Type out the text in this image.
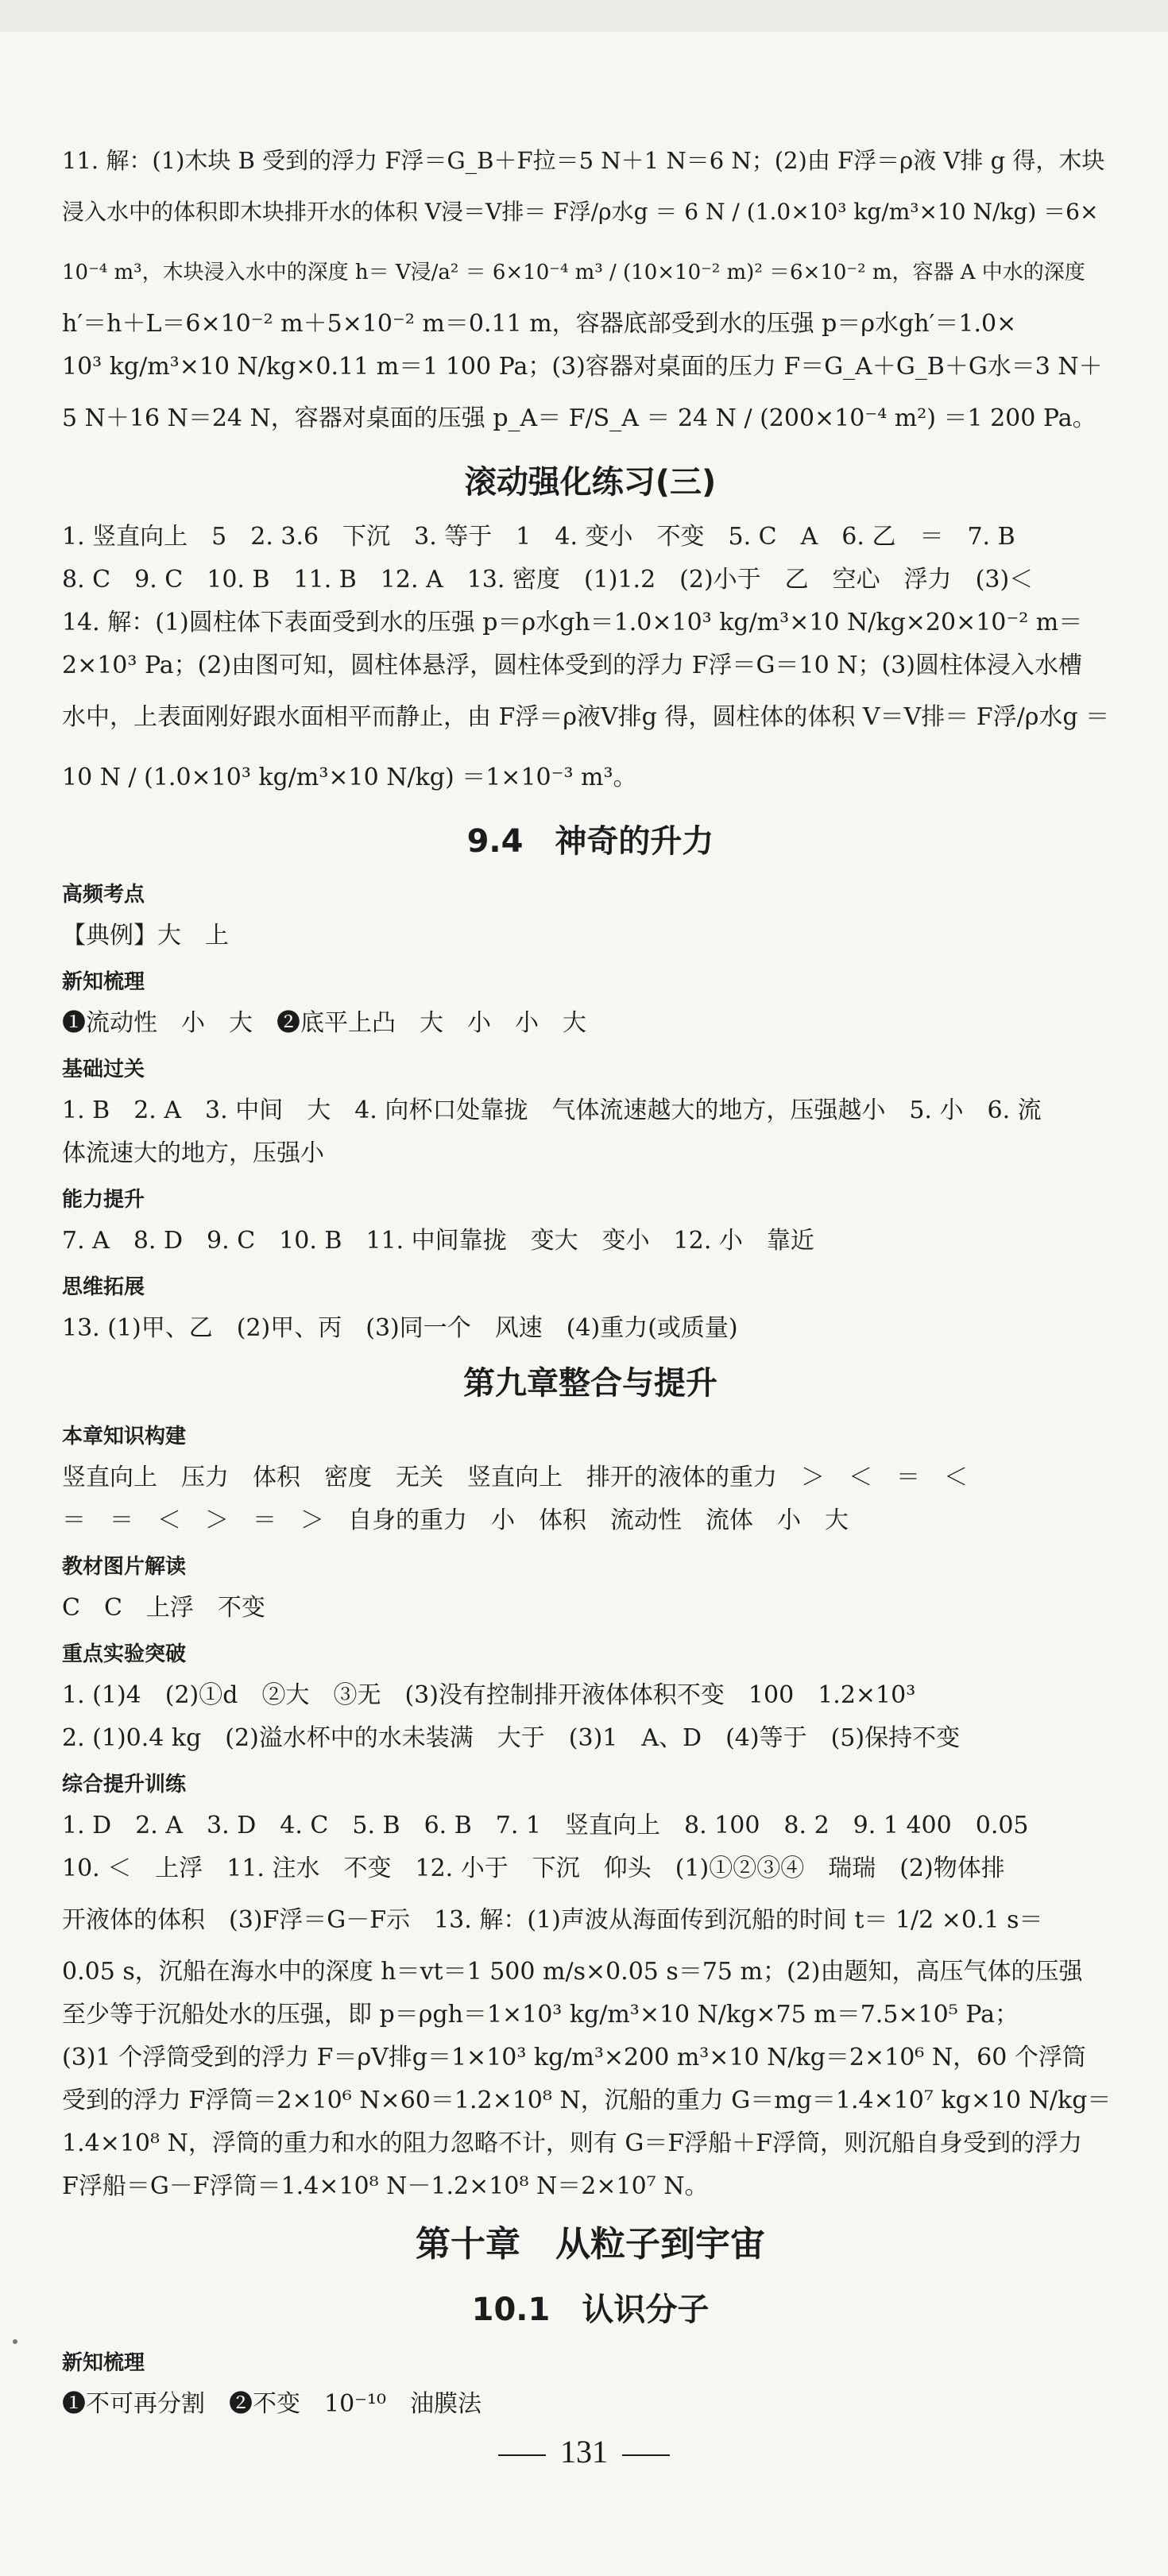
11. 解：(1)木块 B 受到的浮力 F浮＝G_B＋F拉＝5 N＋1 N＝6 N；(2)由 F浮＝ρ液 V排 g 得，木块
浸入水中的体积即木块排开水的体积 V浸＝V排＝ F浮/ρ水g ＝ 6 N / (1.0×10³ kg/m³×10 N/kg) ＝6×
10⁻⁴ m³，木块浸入水中的深度 h＝ V浸/a² ＝ 6×10⁻⁴ m³ / (10×10⁻² m)² ＝6×10⁻² m，容器 A 中水的深度
h′＝h＋L＝6×10⁻² m＋5×10⁻² m＝0.11 m，容器底部受到水的压强 p＝ρ水gh′＝1.0×
10³ kg/m³×10 N/kg×0.11 m＝1 100 Pa；(3)容器对桌面的压力 F＝G_A＋G_B＋G水＝3 N＋
5 N＋16 N＝24 N，容器对桌面的压强 p_A＝ F/S_A ＝ 24 N / (200×10⁻⁴ m²) ＝1 200 Pa。
滚动强化练习(三)
1. 竖直向上　5　2. 3.6　下沉　3. 等于　1　4. 变小　不变　5. C　A　6. 乙　＝　7. B
8. C　9. C　10. B　11. B　12. A　13. 密度　(1)1.2　(2)小于　乙　空心　浮力　(3)＜
14. 解：(1)圆柱体下表面受到水的压强 p＝ρ水gh＝1.0×10³ kg/m³×10 N/kg×20×10⁻² m＝
2×10³ Pa；(2)由图可知，圆柱体悬浮，圆柱体受到的浮力 F浮＝G＝10 N；(3)圆柱体浸入水槽
水中，上表面刚好跟水面相平而静止，由 F浮＝ρ液V排g 得，圆柱体的体积 V＝V排＝ F浮/ρ水g ＝
10 N / (1.0×10³ kg/m³×10 N/kg) ＝1×10⁻³ m³。
9.4　神奇的升力
高频考点
【典例】大　上
新知梳理
❶流动性　小　大　❷底平上凸　大　小　小　大
基础过关
1. B　2. A　3. 中间　大　4. 向杯口处靠拢　气体流速越大的地方，压强越小　5. 小　6. 流
体流速大的地方，压强小
能力提升
7. A　8. D　9. C　10. B　11. 中间靠拢　变大　变小　12. 小　靠近
思维拓展
13. (1)甲、乙　(2)甲、丙　(3)同一个　风速　(4)重力(或质量)
第九章整合与提升
本章知识构建
竖直向上　压力　体积　密度　无关　竖直向上　排开的液体的重力　＞　＜　＝　＜
＝　＝　＜　＞　＝　＞　自身的重力　小　体积　流动性　流体　小　大
教材图片解读
C　C　上浮　不变
重点实验突破
1. (1)4　(2)①d　②大　③无　(3)没有控制排开液体体积不变　100　1.2×10³
2. (1)0.4 kg　(2)溢水杯中的水未装满　大于　(3)1　A、D　(4)等于　(5)保持不变
综合提升训练
1. D　2. A　3. D　4. C　5. B　6. B　7. 1　竖直向上　8. 100　8. 2　9. 1 400　0.05
10. ＜　上浮　11. 注水　不变　12. 小于　下沉　仰头　(1)①②③④　瑞瑞　(2)物体排
开液体的体积　(3)F浮＝G－F示　13. 解：(1)声波从海面传到沉船的时间 t＝ 1/2 ×0.1 s＝
0.05 s，沉船在海水中的深度 h＝vt＝1 500 m/s×0.05 s＝75 m；(2)由题知，高压气体的压强
至少等于沉船处水的压强，即 p＝ρgh＝1×10³ kg/m³×10 N/kg×75 m＝7.5×10⁵ Pa；
(3)1 个浮筒受到的浮力 F＝ρV排g＝1×10³ kg/m³×200 m³×10 N/kg＝2×10⁶ N，60 个浮筒
受到的浮力 F浮筒＝2×10⁶ N×60＝1.2×10⁸ N，沉船的重力 G＝mg＝1.4×10⁷ kg×10 N/kg＝
1.4×10⁸ N，浮筒的重力和水的阻力忽略不计，则有 G＝F浮船＋F浮筒，则沉船自身受到的浮力
F浮船＝G－F浮筒＝1.4×10⁸ N－1.2×10⁸ N＝2×10⁷ N。
第十章　从粒子到宇宙
10.1　认识分子
新知梳理
❶不可再分割　❷不变　10⁻¹⁰　油膜法
131
